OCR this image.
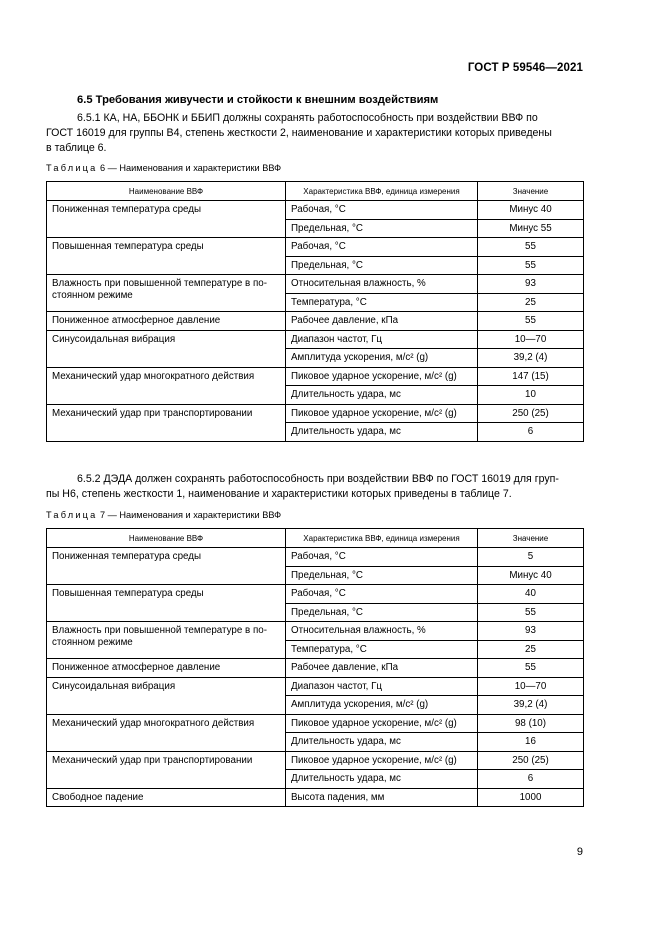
ГОСТ Р 59546—2021
6.5 Требования живучести и стойкости к внешним воздействиям
6.5.1 КА, НА, ББОНК и ББИП должны сохранять работоспособность при воздействии ВВФ по
ГОСТ 16019 для группы В4, степень жесткости 2, наименование и характеристики которых приведены
в таблице 6.
Таблица 6 — Наименования и характеристики ВВФ
Наименование ВВФ	Характеристика ВВФ, единица измерения	Значение
Пониженная температура среды	Рабочая, °С	Минус 40
	Предельная, °С	Минус 55
Повышенная температура среды	Рабочая, °С	55
	Предельная, °С	55
Влажность при повышенной температуре в по-
стоянном режиме	Относительная влажность, %	93
	Температура, °С	25
Пониженное атмосферное давление	Рабочее давление, кПа	55
Синусоидальная вибрация	Диапазон частот, Гц	10—70
	Амплитуда ускорения, м/с² (g)	39,2 (4)
Механический удар многократного действия	Пиковое ударное ускорение, м/с² (g)	147 (15)
	Длительность удара, мс	10
Механический удар при транспортировании	Пиковое ударное ускорение, м/с² (g)	250 (25)
	Длительность удара, мс	6
6.5.2 ДЭДА должен сохранять работоспособность при воздействии ВВФ по ГОСТ 16019 для груп-
пы Н6, степень жесткости 1, наименование и характеристики которых приведены в таблице 7.
Таблица 7 — Наименования и характеристики ВВФ
Наименование ВВФ	Характеристика ВВФ, единица измерения	Значение
Пониженная температура среды	Рабочая, °С	5
	Предельная, °С	Минус 40
Повышенная температура среды	Рабочая, °С	40
	Предельная, °С	55
Влажность при повышенной температуре в по-
стоянном режиме	Относительная влажность, %	93
	Температура, °С	25
Пониженное атмосферное давление	Рабочее давление, кПа	55
Синусоидальная вибрация	Диапазон частот, Гц	10—70
	Амплитуда ускорения, м/с² (g)	39,2 (4)
Механический удар многократного действия	Пиковое ударное ускорение, м/с² (g)	98 (10)
	Длительность удара, мс	16
Механический удар при транспортировании	Пиковое ударное ускорение, м/с² (g)	250 (25)
	Длительность удара, мс	6
Свободное падение	Высота падения, мм	1000
9
